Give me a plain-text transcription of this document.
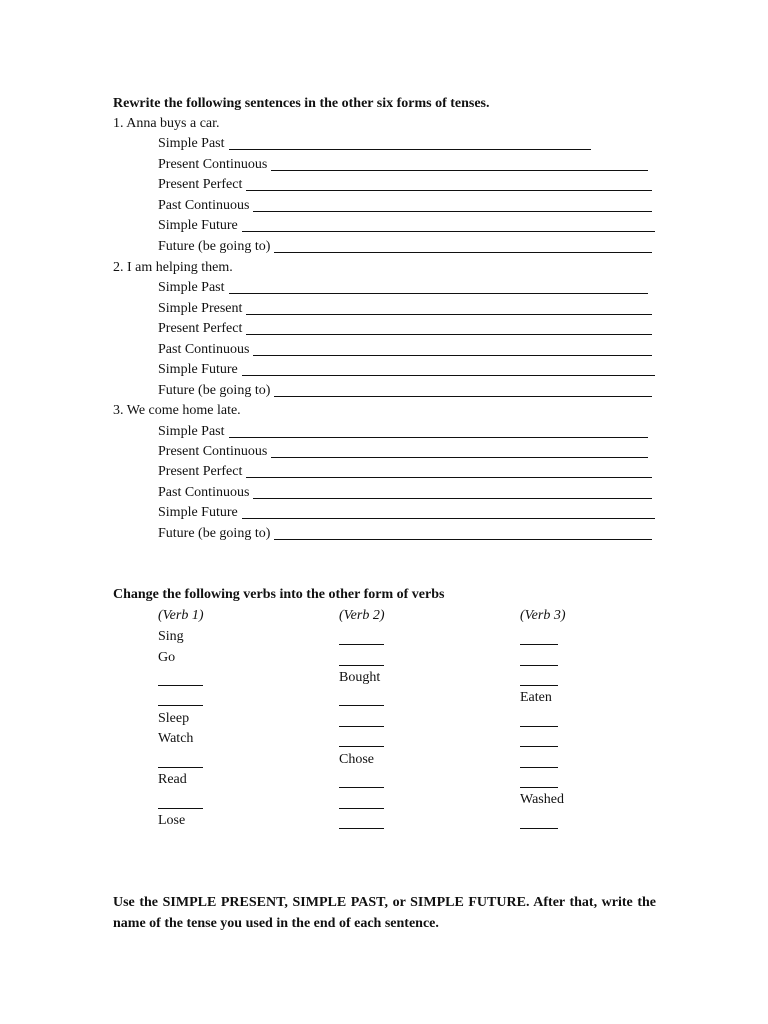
Rewrite the following sentences in the other six forms of tenses.
1. Anna buys a car.
Simple Past
Present Continuous
Present Perfect
Past Continuous
Simple Future
Future (be going to)
2. I am helping them.
Simple Past
Simple Present
Present Perfect
Past Continuous
Simple Future
Future (be going to)
3. We come home late.
Simple Past
Present Continuous
Present Perfect
Past Continuous
Simple Future
Future (be going to)
Change the following verbs into the other form of verbs
(Verb 1)	(Verb 2)	(Verb 3)
Sing
Go
Bought
Eaten
Sleep
Watch
Chose
Read
Washed
Lose
Use the SIMPLE PRESENT, SIMPLE PAST, or SIMPLE FUTURE. After that, write the name of the tense you used in the end of each sentence.
